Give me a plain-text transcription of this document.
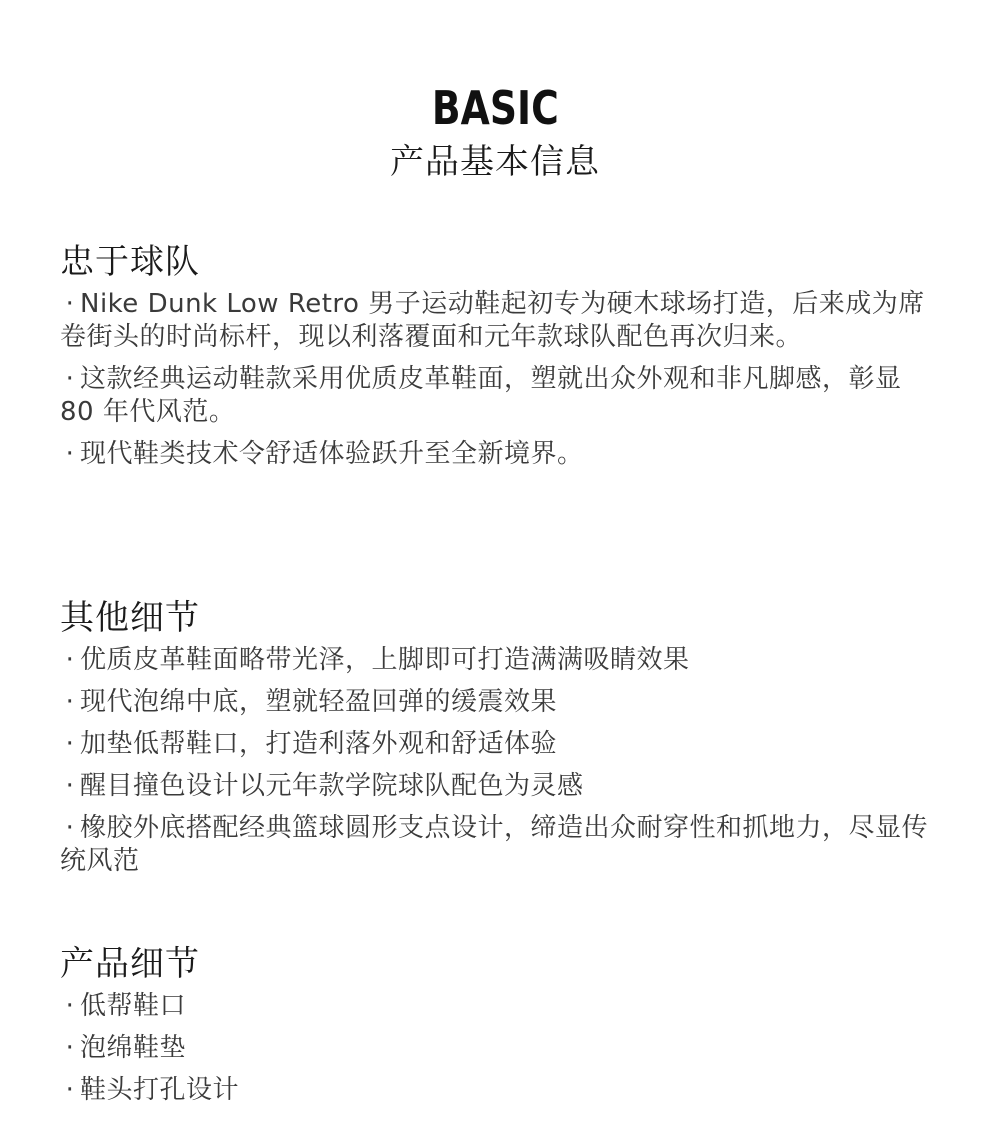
BASIC
产品基本信息
忠于球队
· Nike Dunk Low Retro 男子运动鞋起初专为硬木球场打造，后来成为席卷街头的时尚标杆，现以利落覆面和元年款球队配色再次归来。
· 这款经典运动鞋款采用优质皮革鞋面，塑就出众外观和非凡脚感，彰显 80 年代风范。
· 现代鞋类技术令舒适体验跃升至全新境界。
其他细节
· 优质皮革鞋面略带光泽，上脚即可打造满满吸睛效果
· 现代泡绵中底，塑就轻盈回弹的缓震效果
· 加垫低帮鞋口，打造利落外观和舒适体验
· 醒目撞色设计以元年款学院球队配色为灵感
· 橡胶外底搭配经典篮球圆形支点设计，缔造出众耐穿性和抓地力，尽显传统风范
产品细节
· 低帮鞋口
· 泡绵鞋垫
· 鞋头打孔设计
